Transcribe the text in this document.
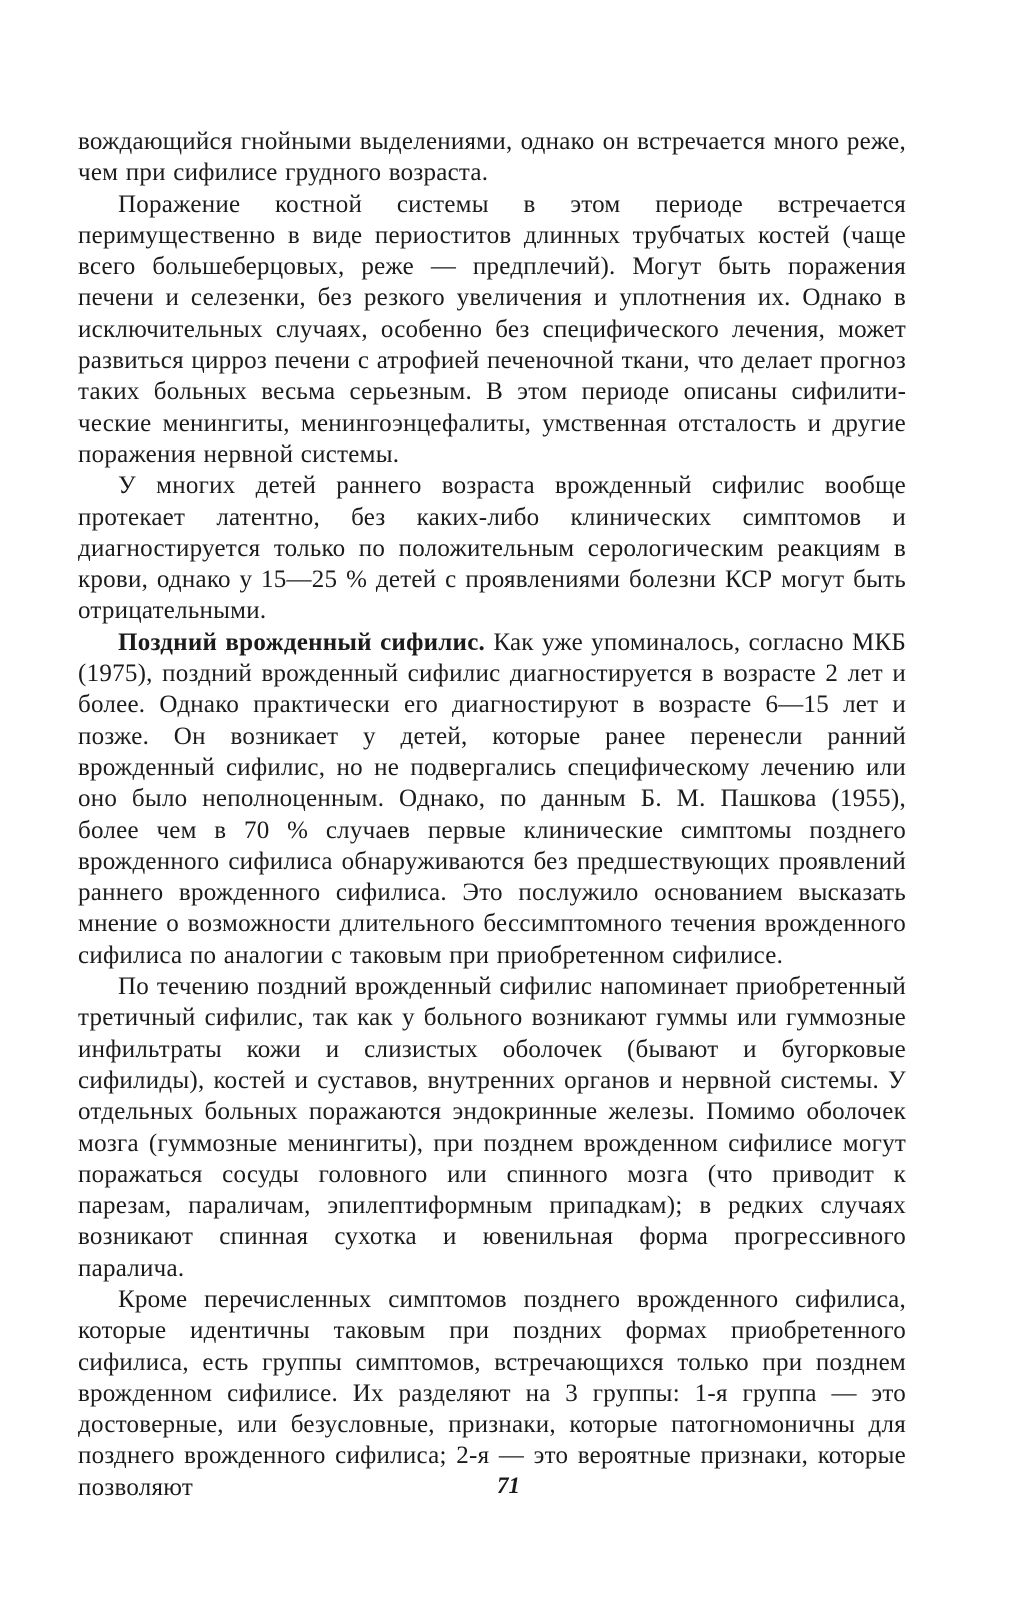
вождающийся гнойными выделениями, однако он встречается много реже, чем при сифилисе грудного возраста.

Поражение костной системы в этом периоде встречается перимущественно в виде периоститов длинных трубчатых костей (чаще всего большеберцовых, реже — предплечий). Могут быть поражения печени и селезенки, без резкого увеличения и уплотнения их. Однако в исключительных случаях, особенно без специфического лечения, может развиться цирроз печени с атрофией печеночной ткани, что делает прогноз таких больных весьма серьезным. В этом периоде описаны сифилитические менингиты, менингоэнцефалиты, умственная отсталость и другие поражения нервной системы.

У многих детей раннего возраста врожденный сифилис вообще протекает латентно, без каких-либо клинических симптомов и диагностируется только по положительным серологическим реакциям в крови, однако у 15—25 % детей с проявлениями болезни КСР могут быть отрицательными.

Поздний врожденный сифилис. Как уже упоминалось, согласно МКБ (1975), поздний врожденный сифилис диагностируется в возрасте 2 лет и более. Однако практически его диагностируют в возрасте 6—15 лет и позже. Он возникает у детей, которые ранее перенесли ранний врожденный сифилис, но не подвергались специфическому лечению или оно было неполноценным. Однако, по данным Б. М. Пашкова (1955), более чем в 70 % случаев первые клинические симптомы позднего врожденного сифилиса обнаруживаются без предшествующих проявлений раннего врожденного сифилиса. Это послужило основанием высказать мнение о возможности длительного бессимптомного течения врожденного сифилиса по аналогии с таковым при приобретенном сифилисе.

По течению поздний врожденный сифилис напоминает приобретенный третичный сифилис, так как у больного возникают гуммы или гуммозные инфильтраты кожи и слизистых оболочек (бывают и бугорковые сифилиды), костей и суставов, внутренних органов и нервной системы. У отдельных больных поражаются эндокринные железы. Помимо оболочек мозга (гуммозные менингиты), при позднем врожденном сифилисе могут поражаться сосуды головного или спинного мозга (что приводит к парезам, параличам, эпилептиформным припадкам); в редких случаях возникают спинная сухотка и ювенильная форма прогрессивного паралича.

Кроме перечисленных симптомов позднего врожденного сифилиса, которые идентичны таковым при поздних формах приобретенного сифилиса, есть группы симптомов, встречающихся только при позднем врожденном сифилисе. Их разделяют на 3 группы: 1-я группа — это достоверные, или безусловные, признаки, которые патогномоничны для позднего врожденного сифилиса; 2-я — это вероятные признаки, которые позволяют	71
